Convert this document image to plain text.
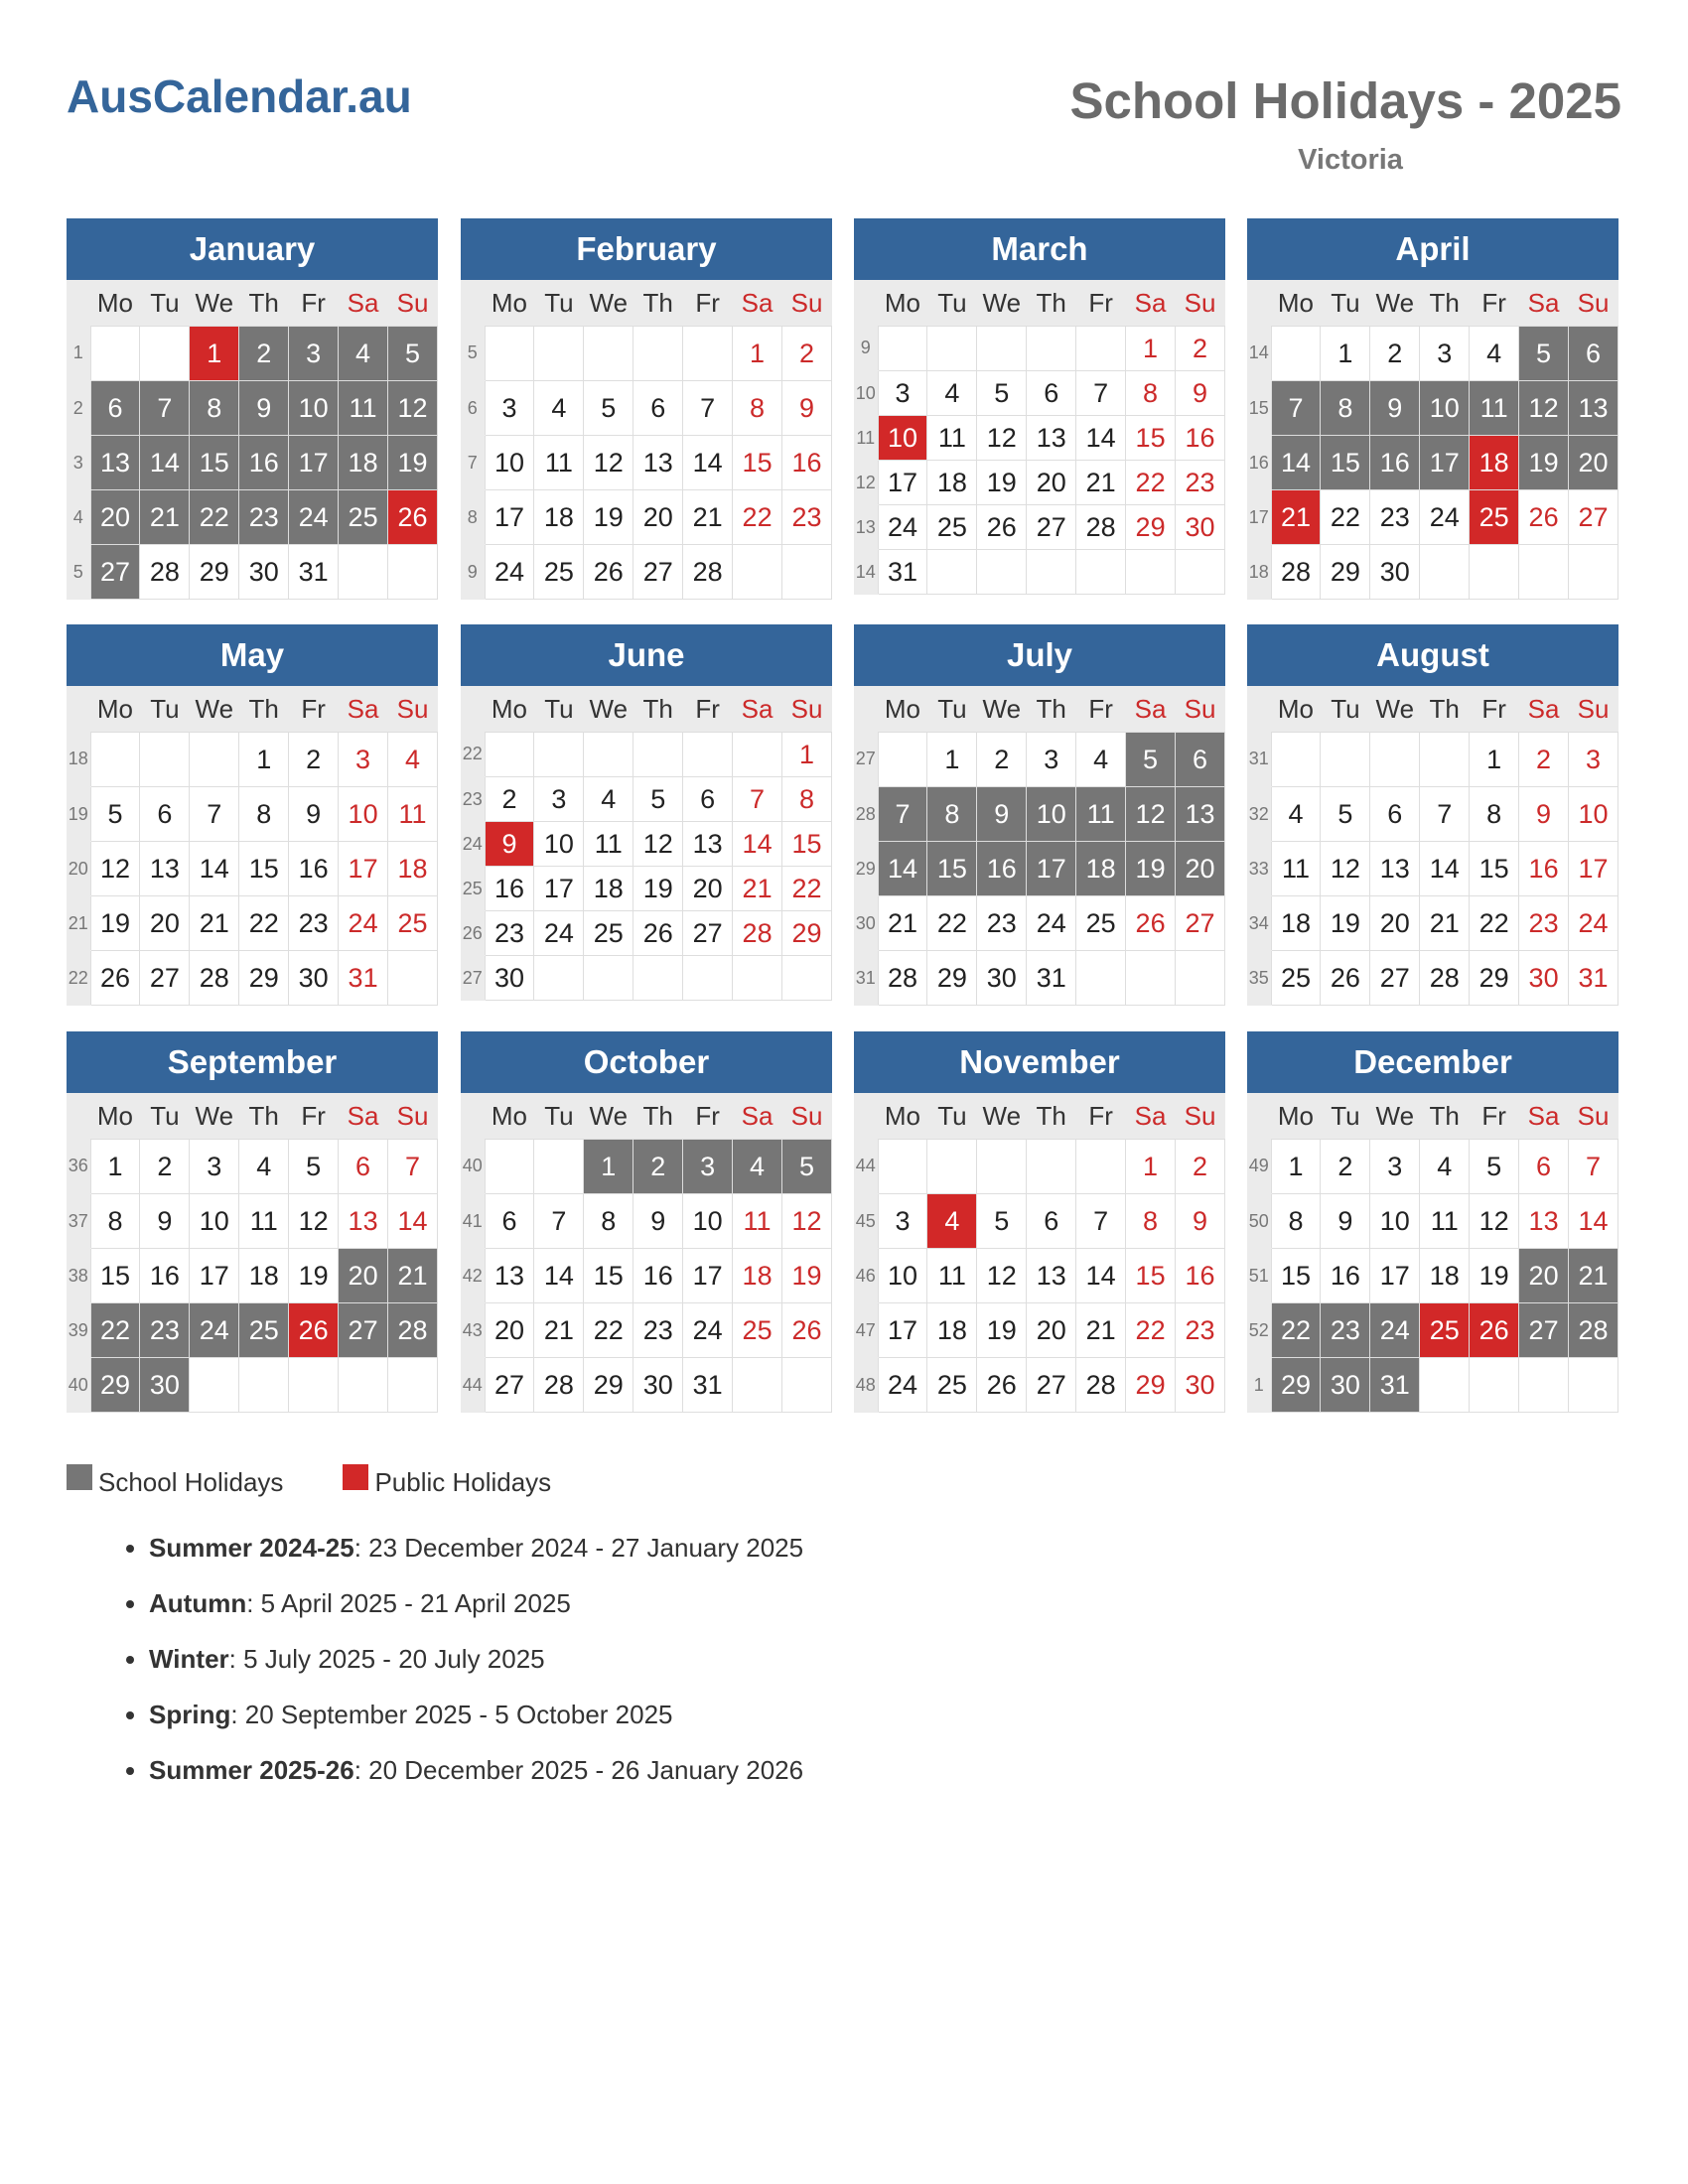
AusCalendar.au	School Holidays - 2025
Victoria
January
	Mo	Tu	We	Th	Fr	Sa	Su
1			1	2	3	4	5
2	6	7	8	9	10	11	12
3	13	14	15	16	17	18	19
4	20	21	22	23	24	25	26
5	27	28	29	30	31		
February
	Mo	Tu	We	Th	Fr	Sa	Su
5						1	2
6	3	4	5	6	7	8	9
7	10	11	12	13	14	15	16
8	17	18	19	20	21	22	23
9	24	25	26	27	28		
March
	Mo	Tu	We	Th	Fr	Sa	Su
9						1	2
10	3	4	5	6	7	8	9
11	10	11	12	13	14	15	16
12	17	18	19	20	21	22	23
13	24	25	26	27	28	29	30
14	31						
April
	Mo	Tu	We	Th	Fr	Sa	Su
14		1	2	3	4	5	6
15	7	8	9	10	11	12	13
16	14	15	16	17	18	19	20
17	21	22	23	24	25	26	27
18	28	29	30				
May
	Mo	Tu	We	Th	Fr	Sa	Su
18				1	2	3	4
19	5	6	7	8	9	10	11
20	12	13	14	15	16	17	18
21	19	20	21	22	23	24	25
22	26	27	28	29	30	31	
June
	Mo	Tu	We	Th	Fr	Sa	Su
22							1
23	2	3	4	5	6	7	8
24	9	10	11	12	13	14	15
25	16	17	18	19	20	21	22
26	23	24	25	26	27	28	29
27	30						
July
	Mo	Tu	We	Th	Fr	Sa	Su
27		1	2	3	4	5	6
28	7	8	9	10	11	12	13
29	14	15	16	17	18	19	20
30	21	22	23	24	25	26	27
31	28	29	30	31			
August
	Mo	Tu	We	Th	Fr	Sa	Su
31					1	2	3
32	4	5	6	7	8	9	10
33	11	12	13	14	15	16	17
34	18	19	20	21	22	23	24
35	25	26	27	28	29	30	31
September
	Mo	Tu	We	Th	Fr	Sa	Su
36	1	2	3	4	5	6	7
37	8	9	10	11	12	13	14
38	15	16	17	18	19	20	21
39	22	23	24	25	26	27	28
40	29	30					
October
	Mo	Tu	We	Th	Fr	Sa	Su
40			1	2	3	4	5
41	6	7	8	9	10	11	12
42	13	14	15	16	17	18	19
43	20	21	22	23	24	25	26
44	27	28	29	30	31		
November
	Mo	Tu	We	Th	Fr	Sa	Su
44						1	2
45	3	4	5	6	7	8	9
46	10	11	12	13	14	15	16
47	17	18	19	20	21	22	23
48	24	25	26	27	28	29	30
December
	Mo	Tu	We	Th	Fr	Sa	Su
49	1	2	3	4	5	6	7
50	8	9	10	11	12	13	14
51	15	16	17	18	19	20	21
52	22	23	24	25	26	27	28
1	29	30	31				
School Holidays	Public Holidays
• Summer 2024-25: 23 December 2024 - 27 January 2025
• Autumn: 5 April 2025 - 21 April 2025
• Winter: 5 July 2025 - 20 July 2025
• Spring: 20 September 2025 - 5 October 2025
• Summer 2025-26: 20 December 2025 - 26 January 2026
